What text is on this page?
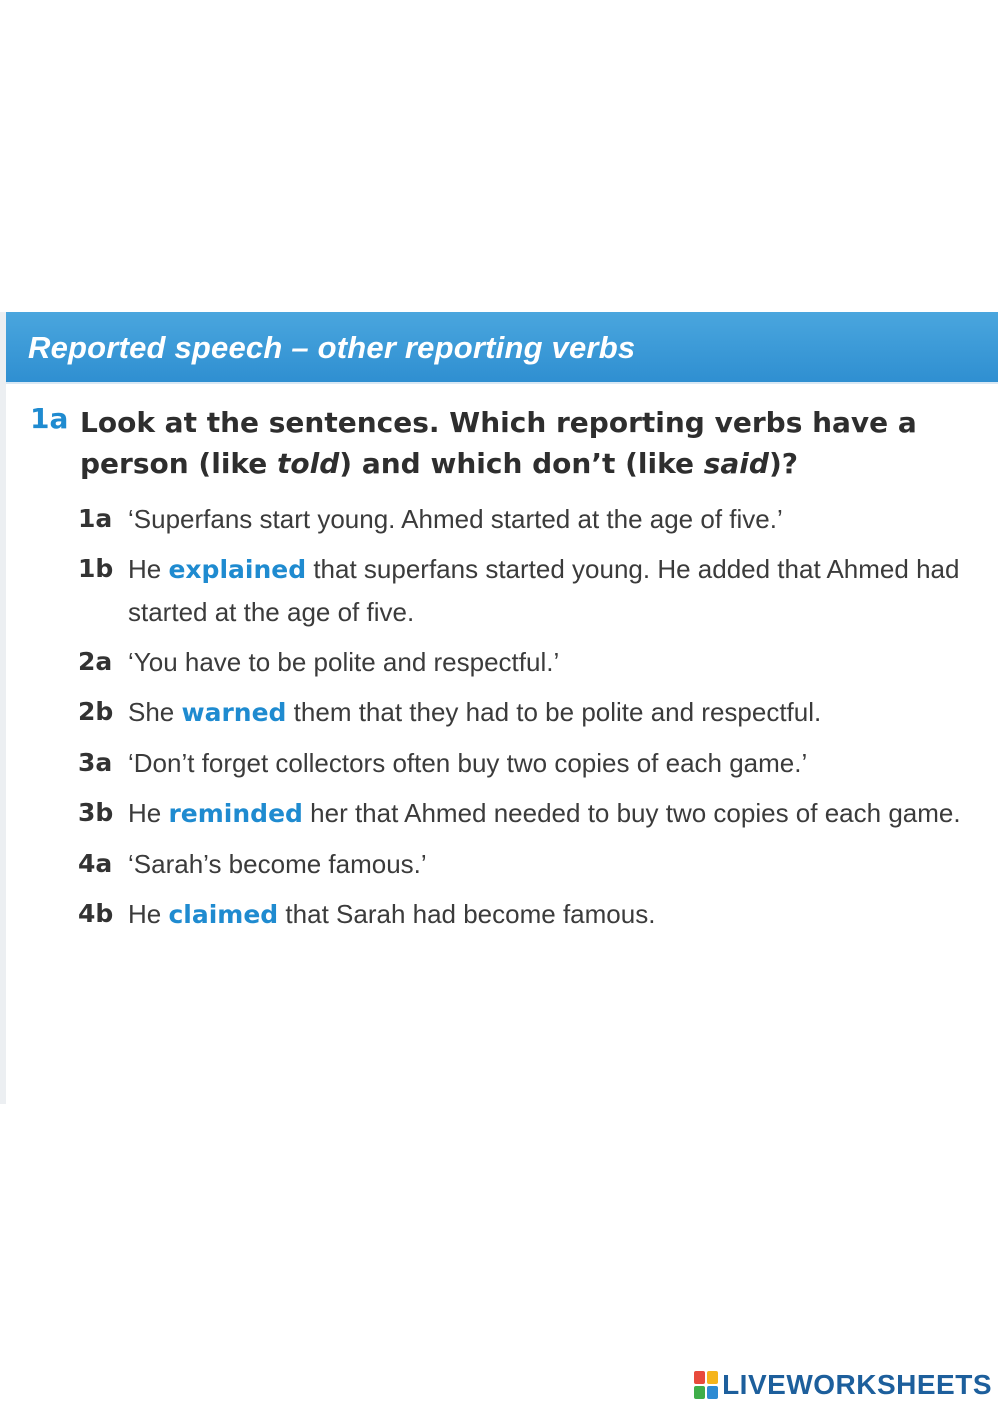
Reported speech – other reporting verbs
1a Look at the sentences. Which reporting verbs have a person (like told) and which don’t (like said)?
1a ‘Superfans start young. Ahmed started at the age of five.’
1b He explained that superfans started young. He added that Ahmed had started at the age of five.
2a ‘You have to be polite and respectful.’
2b She warned them that they had to be polite and respectful.
3a ‘Don’t forget collectors often buy two copies of each game.’
3b He reminded her that Ahmed needed to buy two copies of each game.
4a ‘Sarah’s become famous.’
4b He claimed that Sarah had become famous.
LIVEWORKSHEETS
